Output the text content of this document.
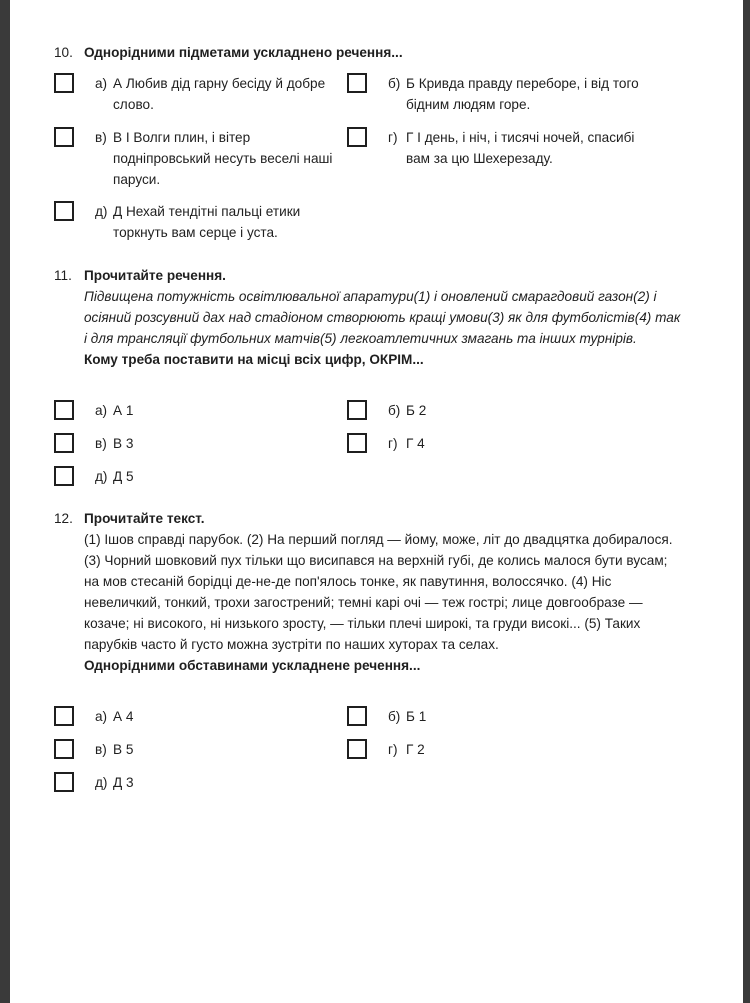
10. Однорідними підметами ускладнено речення...
а) А Любив дід гарну бесіду й добре слово.
б) Б Кривда правду переборе, і від того бідним людям горе.
в) В І Волги плин, і вітер подніпровський несуть веселі наші паруси.
г) Г І день, і ніч, і тисячі ночей, спасибі вам за цю Шехерезаду.
д) Д Нехай тендітні пальці етики торкнуть вам серце і уста.
11. Прочитайте речення.
Підвищена потужність освітлювальної апаратури(1) і оновлений смарагдовий газон(2) і осіяний розсувний дах над стадіоном створюють кращі умови(3) як для футболістів(4) так і для трансляції футбольних матчів(5) легкоатлетичних змагань та інших турнірів.
Кому треба поставити на місці всіх цифр, ОКРІМ...
а) А 1	б) Б 2
в) В 3	г) Г 4
д) Д 5
12. Прочитайте текст.
(1) Ішов справді парубок. (2) На перший погляд — йому, може, літ до двадцятка добиралося. (3) Чорний шовковий пух тільки що висипався на верхній губі, де колись малося бути вусам; на мов стесаній борідці де-не-де поп'ялось тонке, як павутиння, волоссячко. (4) Ніс невеличкий, тонкий, трохи загострений; темні карі очі — теж гострі; лице довгообразе — козаче; ні високого, ні низького зросту, — тільки плечі широкі, та груди високі... (5) Таких парубків часто й густо можна зустріти по наших хуторах та селах.
Однорідними обставинами ускладнене речення...
а) А 4	б) Б 1
в) В 5	г) Г 2
д) Д 3
